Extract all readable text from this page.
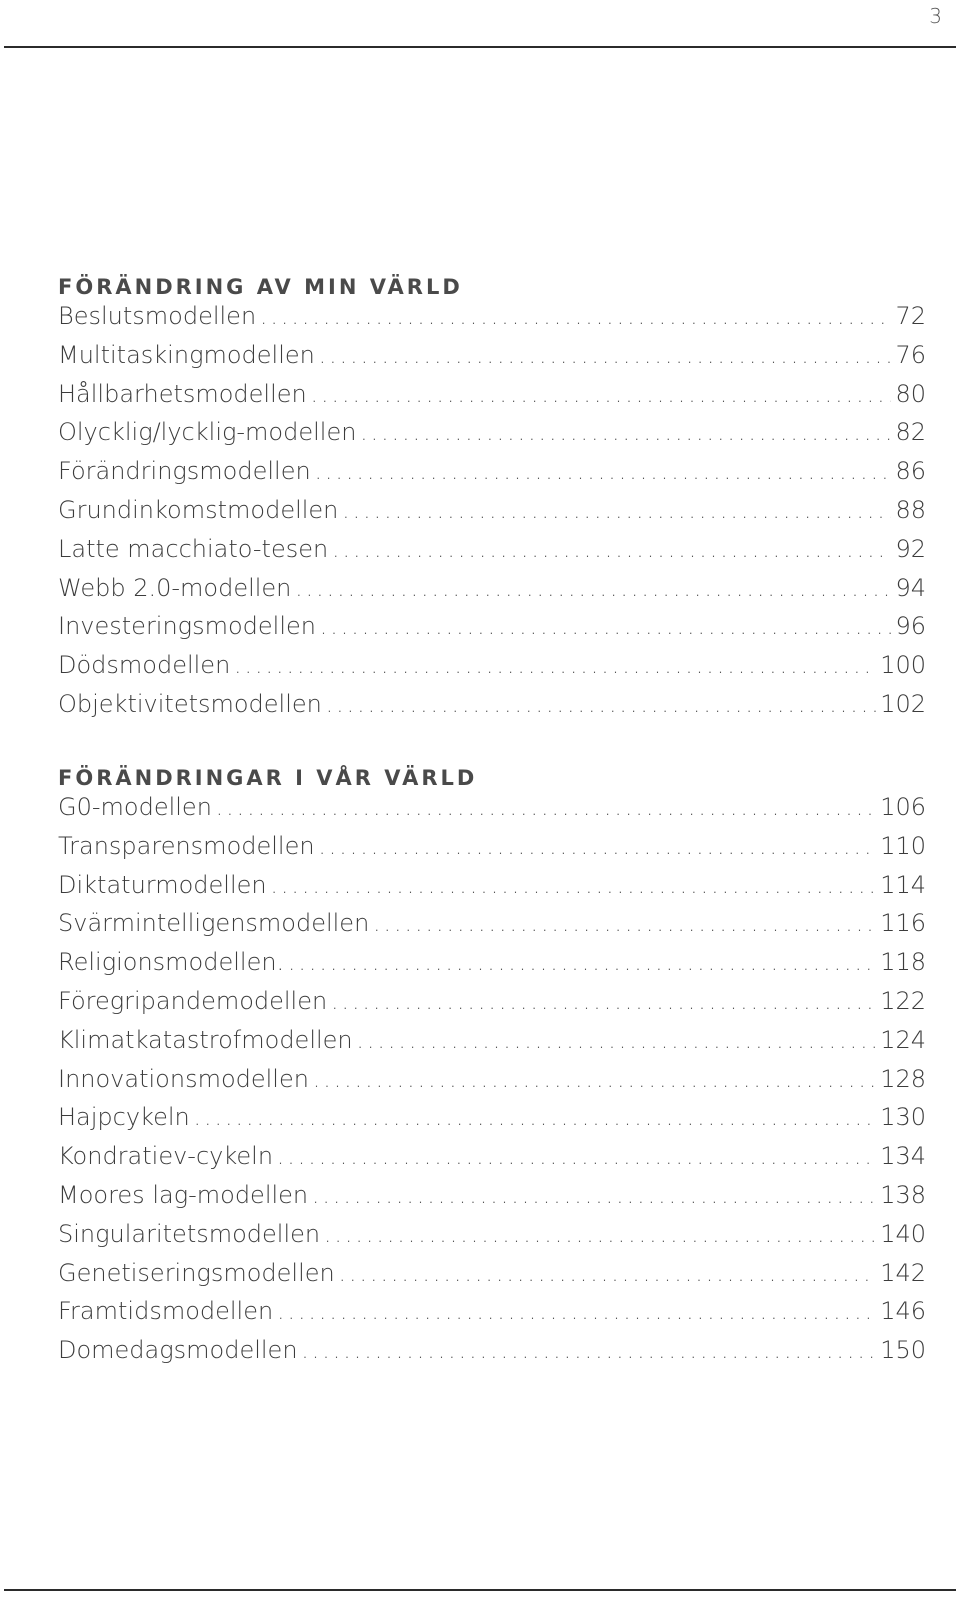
3
FÖRÄNDRING AV MIN VÄRLD
Beslutsmodellen .....	72
Multitaskingmodellen .....	76
Hållbarhetsmodellen .....	80
Olycklig/lycklig-modellen .....	82
Förändringsmodellen .....	86
Grundinkomstmodellen .....	88
Latte macchiato-tesen .....	92
Webb 2.0-modellen .....	94
Investeringsmodellen .....	96
Dödsmodellen .....	100
Objektivitetsmodellen .....	102
FÖRÄNDRINGAR I VÅR VÄRLD
G0-modellen .....	106
Transparensmodellen .....	110
Diktaturmodellen .....	114
Svärmintelligensmodellen .....	116
Religionsmodellen. .....	118
Föregripandemodellen .....	122
Klimatkatastrofmodellen .....	124
Innovationsmodellen .....	128
Hajpcykeln .....	130
Kondratiev-cykeln .....	134
Moores lag-modellen .....	138
Singularitetsmodellen .....	140
Genetiseringsmodellen .....	142
Framtidsmodellen .....	146
Domedagsmodellen .....	150
